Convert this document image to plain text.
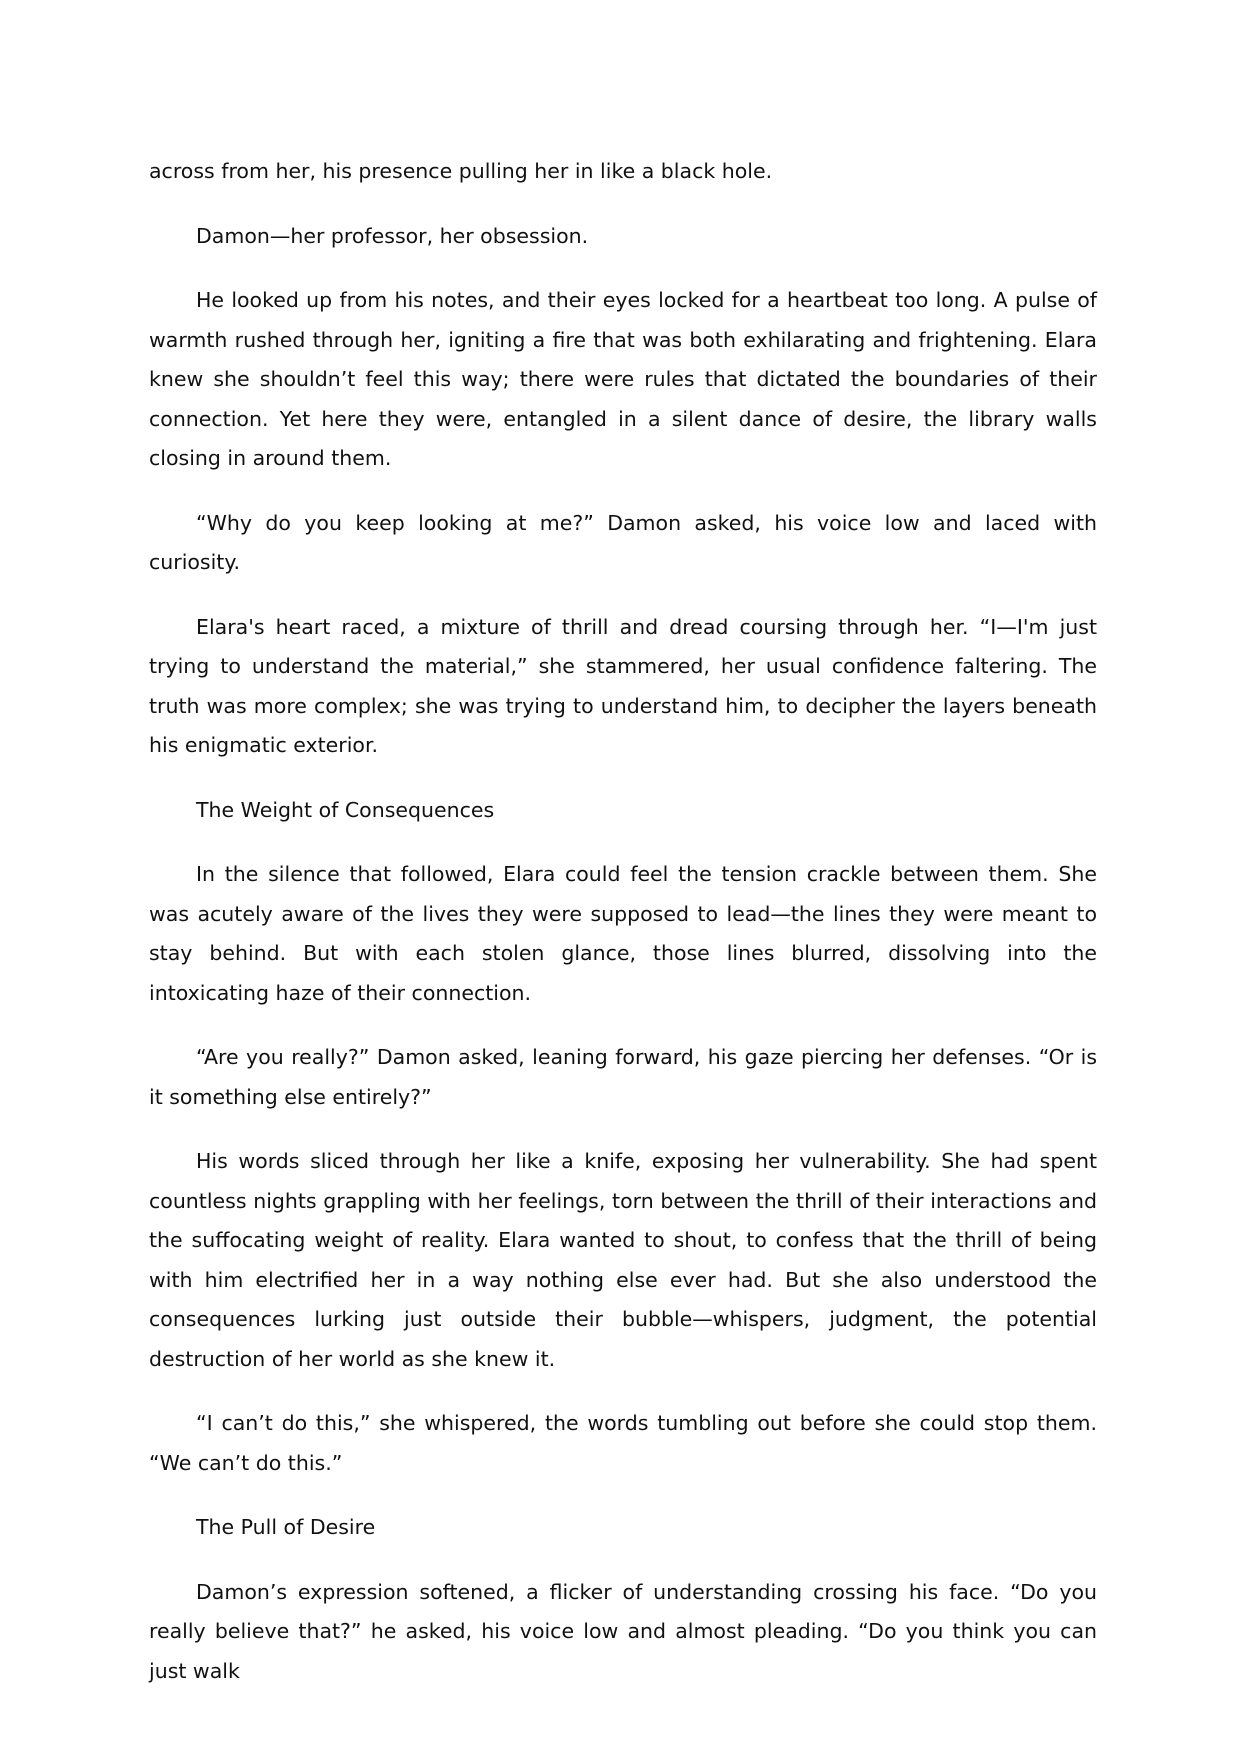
across from her, his presence pulling her in like a black hole.

Damon—her professor, her obsession.

He looked up from his notes, and their eyes locked for a heartbeat too long. A pulse of warmth rushed through her, igniting a fire that was both exhilarating and frightening. Elara knew she shouldn’t feel this way; there were rules that dictated the boundaries of their connection. Yet here they were, entangled in a silent dance of desire, the library walls closing in around them.

“Why do you keep looking at me?” Damon asked, his voice low and laced with curiosity.

Elara's heart raced, a mixture of thrill and dread coursing through her. “I—I'm just trying to understand the material,” she stammered, her usual confidence faltering. The truth was more complex; she was trying to understand him, to decipher the layers beneath his enigmatic exterior.

The Weight of Consequences

In the silence that followed, Elara could feel the tension crackle between them. She was acutely aware of the lives they were supposed to lead—the lines they were meant to stay behind. But with each stolen glance, those lines blurred, dissolving into the intoxicating haze of their connection.

“Are you really?” Damon asked, leaning forward, his gaze piercing her defenses. “Or is it something else entirely?”

His words sliced through her like a knife, exposing her vulnerability. She had spent countless nights grappling with her feelings, torn between the thrill of their interactions and the suffocating weight of reality. Elara wanted to shout, to confess that the thrill of being with him electrified her in a way nothing else ever had. But she also understood the consequences lurking just outside their bubble—whispers, judgment, the potential destruction of her world as she knew it.

“I can’t do this,” she whispered, the words tumbling out before she could stop them. “We can’t do this.”

The Pull of Desire

Damon’s expression softened, a flicker of understanding crossing his face. “Do you really believe that?” he asked, his voice low and almost pleading. “Do you think you can just walk
